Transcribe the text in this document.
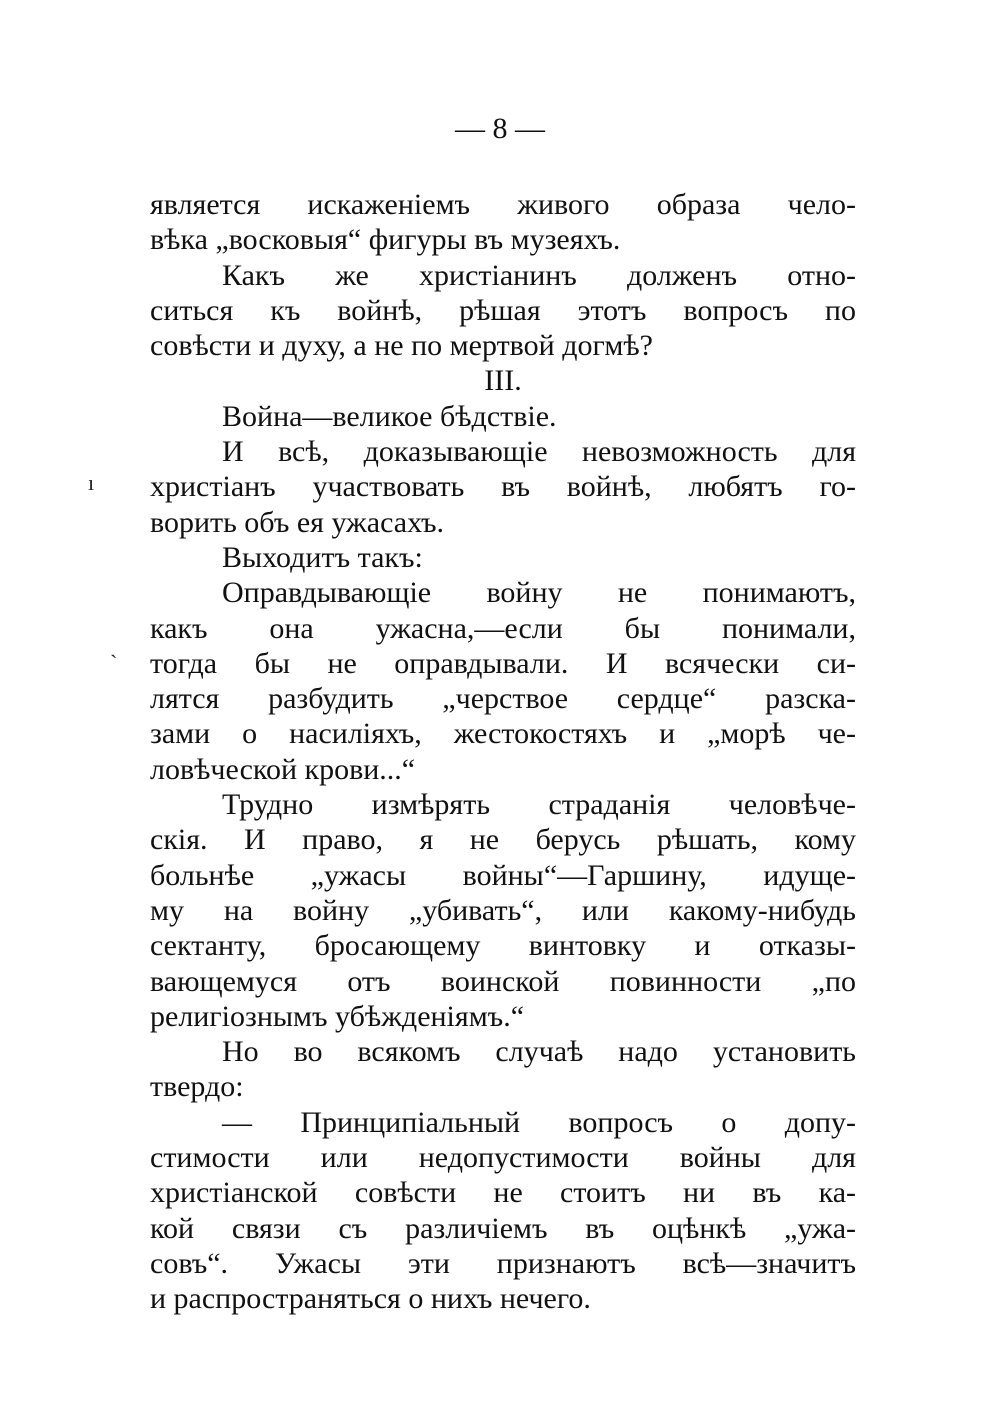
— 8 —
является искаженіемъ живого образа чело-
вѣка „восковыя“ фигуры въ музеяхъ.
Какъ же христіанинъ долженъ отно-
ситься къ войнѣ, рѣшая этотъ вопросъ по
совѣсти и духу, а не по мертвой догмѣ?
III.
Война—великое бѣдствіе.
И всѣ, доказывающіе невозможность для
христіанъ участвовать въ войнѣ, любятъ го-
ворить объ ея ужасахъ.
Выходитъ такъ:
Оправдывающіе войну не понимаютъ,
какъ она ужасна,—если бы понимали,
тогда бы не оправдывали. И всячески си-
лятся разбудить „черствое сердце“ разска-
зами о насиліяхъ, жестокостяхъ и „морѣ че-
ловѣческой крови...“
Трудно измѣрять страданія человѣче-
скія. И право, я не берусь рѣшать, кому
больнѣе „ужасы войны“—Гаршину, идуще-
му на войну „убивать“, или какому-нибудь
сектанту, бросающему винтовку и отказы-
вающемуся отъ воинской повинности „по
религіознымъ убѣжденіямъ.“
Но во всякомъ случаѣ надо установить
твердо:
— Принципіальный вопросъ о допу-
стимости или недопустимости войны для
христіанской совѣсти не стоитъ ни въ ка-
кой связи съ различіемъ въ оцѣнкѣ „ужа-
совъ“. Ужасы эти признаютъ всѣ—значитъ
и распространяться о нихъ нечего.
ı
ˋ
